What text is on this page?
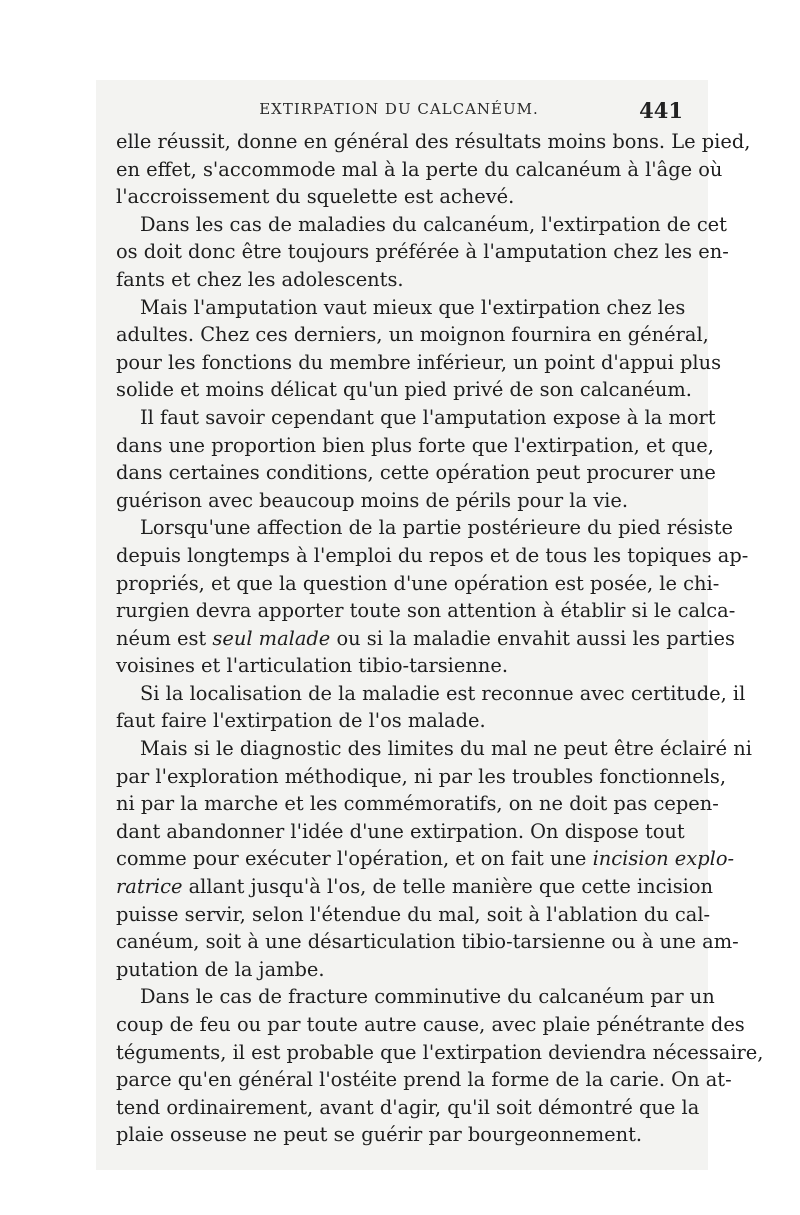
EXTIRPATION DU CALCANÉUM.	441
elle réussit, donne en général des résultats moins bons. Le pied,
en effet, s'accommode mal à la perte du calcanéum à l'âge où
l'accroissement du squelette est achevé.
Dans les cas de maladies du calcanéum, l'extirpation de cet
os doit donc être toujours préférée à l'amputation chez les en-
fants et chez les adolescents.
Mais l'amputation vaut mieux que l'extirpation chez les
adultes. Chez ces derniers, un moignon fournira en général,
pour les fonctions du membre inférieur, un point d'appui plus
solide et moins délicat qu'un pied privé de son calcanéum.
Il faut savoir cependant que l'amputation expose à la mort
dans une proportion bien plus forte que l'extirpation, et que,
dans certaines conditions, cette opération peut procurer une
guérison avec beaucoup moins de périls pour la vie.
Lorsqu'une affection de la partie postérieure du pied résiste
depuis longtemps à l'emploi du repos et de tous les topiques ap-
propriés, et que la question d'une opération est posée, le chi-
rurgien devra apporter toute son attention à établir si le calca-
néum est seul malade ou si la maladie envahit aussi les parties
voisines et l'articulation tibio-tarsienne.
Si la localisation de la maladie est reconnue avec certitude, il
faut faire l'extirpation de l'os malade.
Mais si le diagnostic des limites du mal ne peut être éclairé ni
par l'exploration méthodique, ni par les troubles fonctionnels,
ni par la marche et les commémoratifs, on ne doit pas cepen-
dant abandonner l'idée d'une extirpation. On dispose tout
comme pour exécuter l'opération, et on fait une incision explo-
ratrice allant jusqu'à l'os, de telle manière que cette incision
puisse servir, selon l'étendue du mal, soit à l'ablation du cal-
canéum, soit à une désarticulation tibio-tarsienne ou à une am-
putation de la jambe.
Dans le cas de fracture comminutive du calcanéum par un
coup de feu ou par toute autre cause, avec plaie pénétrante des
téguments, il est probable que l'extirpation deviendra nécessaire,
parce qu'en général l'ostéite prend la forme de la carie. On at-
tend ordinairement, avant d'agir, qu'il soit démontré que la
plaie osseuse ne peut se guérir par bourgeonnement.
